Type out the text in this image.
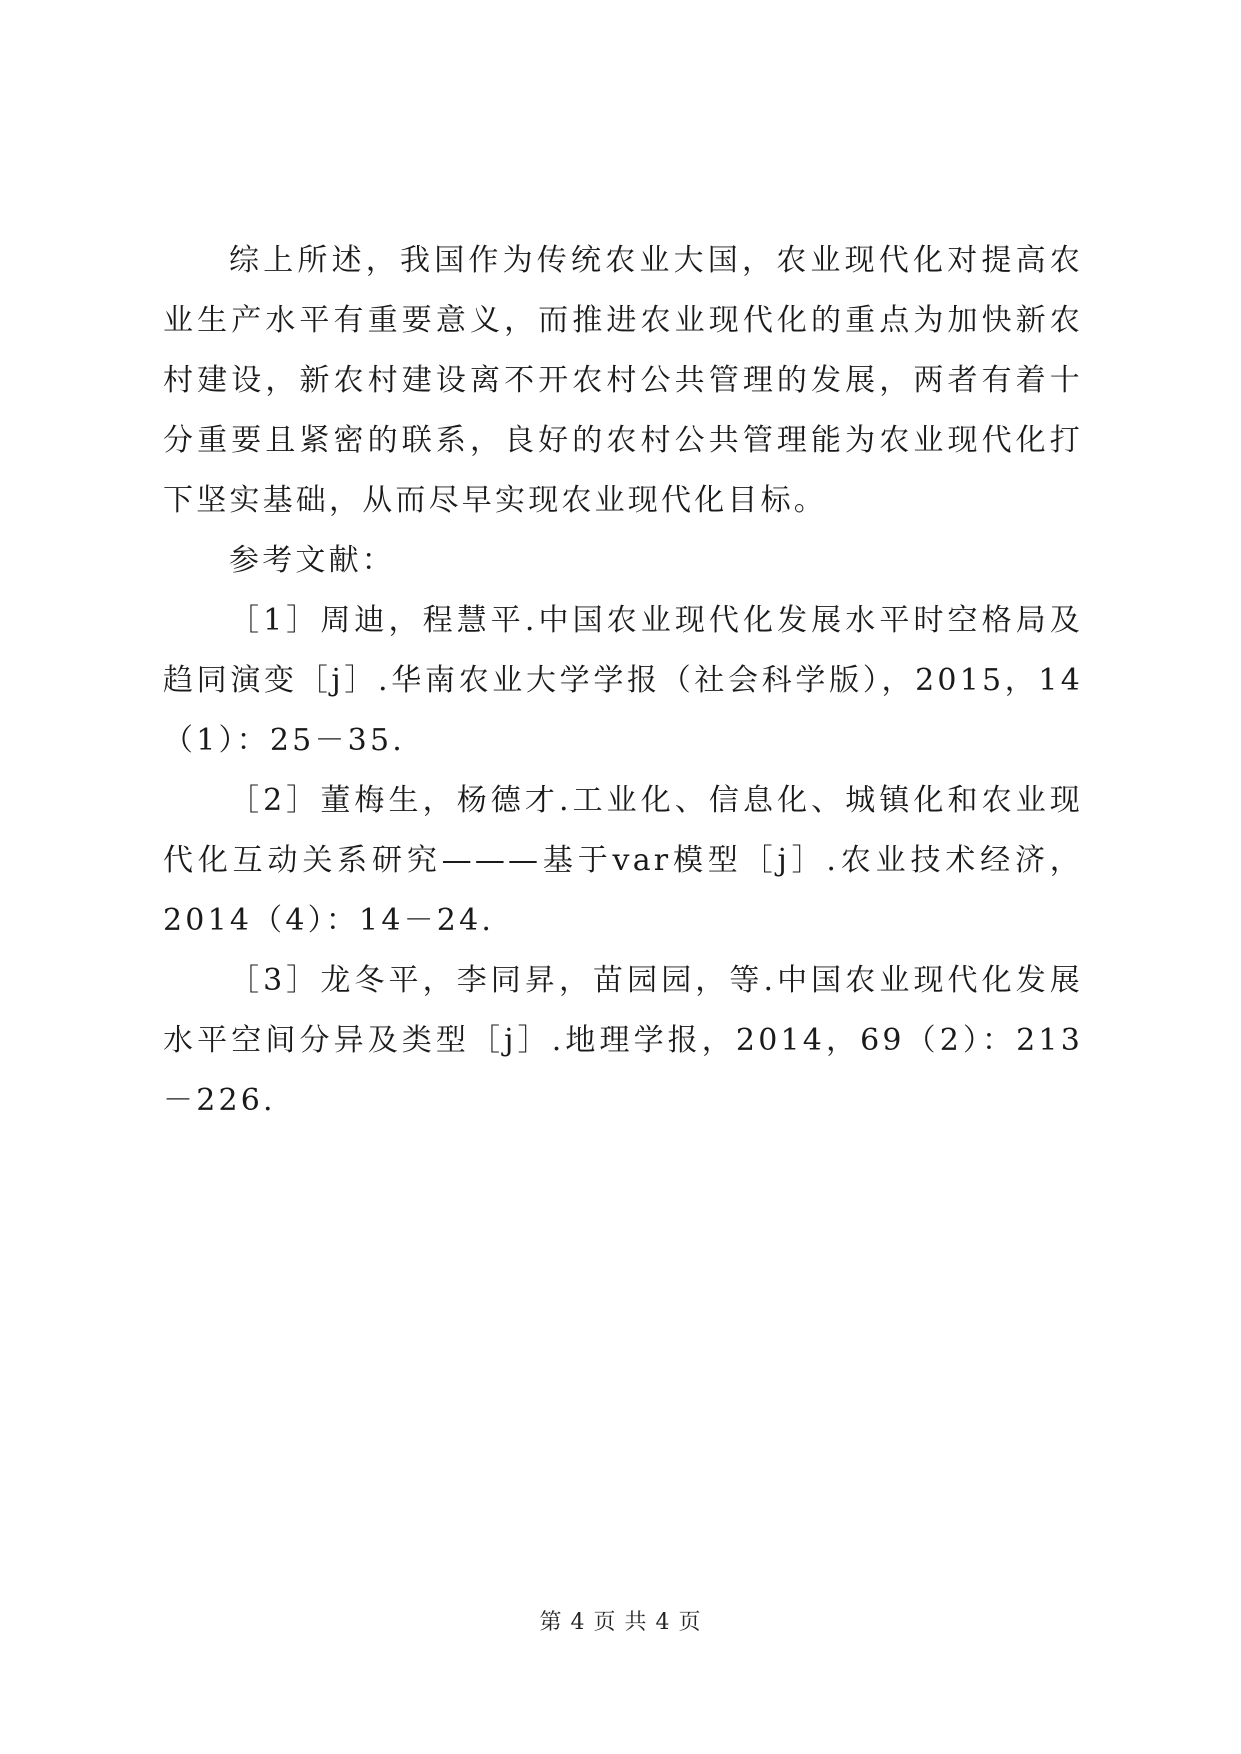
综上所述，我国作为传统农业大国，农业现代化对提高农业生产水平有重要意义，而推进农业现代化的重点为加快新农村建设，新农村建设离不开农村公共管理的发展，两者有着十分重要且紧密的联系，良好的农村公共管理能为农业现代化打下坚实基础，从而尽早实现农业现代化目标。

参考文献：

［1］周迪，程慧平.中国农业现代化发展水平时空格局及趋同演变［j］.华南农业大学学报（社会科学版），2015，14（1）：25－35.

［2］董梅生，杨德才.工业化、信息化、城镇化和农业现代化互动关系研究———基于var模型［j］.农业技术经济，2014（4）：14－24.

［3］龙冬平，李同昇，苗园园，等.中国农业现代化发展水平空间分异及类型［j］.地理学报，2014，69（2）：213－226.

第 4 页 共 4 页
